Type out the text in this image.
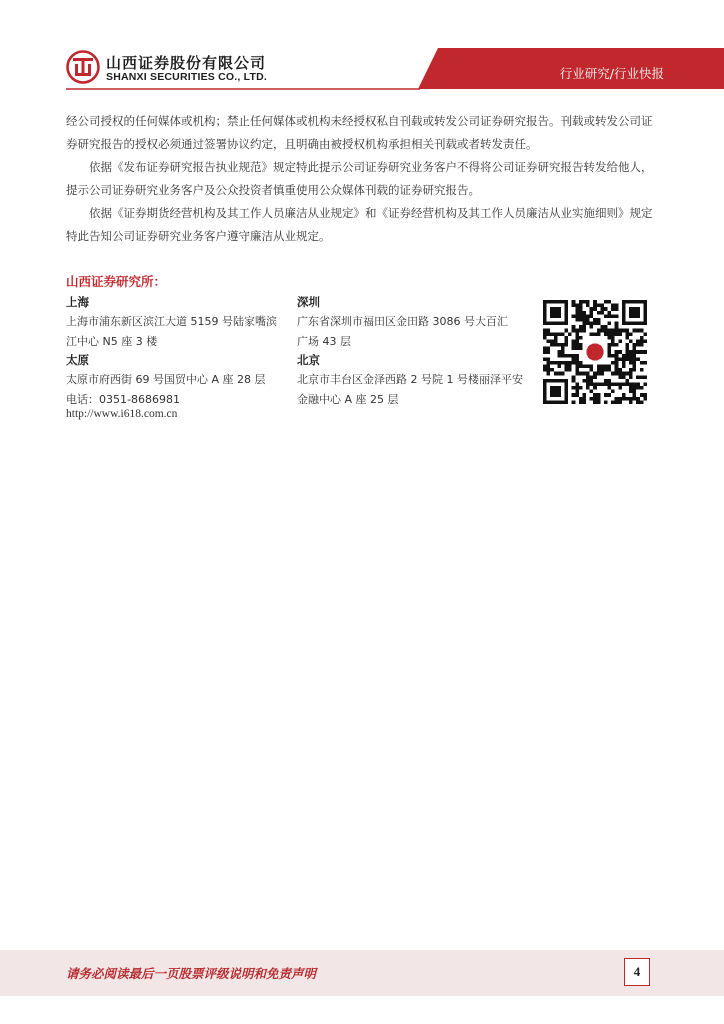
山西证券股份有限公司
SHANXI SECURITIES CO., LTD.	行业研究/行业快报

经公司授权的任何媒体或机构；禁止任何媒体或机构未经授权私自刊载或转发公司证券研究报告。刊载或转发公司证券研究报告的授权必须通过签署协议约定，且明确由被授权机构承担相关刊载或者转发责任。

依据《发布证券研究报告执业规范》规定特此提示公司证券研究业务客户不得将公司证券研究报告转发给他人，提示公司证券研究业务客户及公众投资者慎重使用公众媒体刊载的证券研究报告。

依据《证券期货经营机构及其工作人员廉洁从业规定》和《证券经营机构及其工作人员廉洁从业实施细则》规定特此告知公司证券研究业务客户遵守廉洁从业规定。

山西证券研究所：
上海
上海市浦东新区滨江大道 5159 号陆家嘴滨江中心 N5 座 3 楼
深圳
广东省深圳市福田区金田路 3086 号大百汇广场 43 层
太原
太原市府西街 69 号国贸中心 A 座 28 层
电话：0351-8686981
北京
北京市丰台区金泽西路 2 号院 1 号楼丽泽平安金融中心 A 座 25 层
http://www.i618.com.cn
请务必阅读最后一页股票评级说明和免责声明	4
